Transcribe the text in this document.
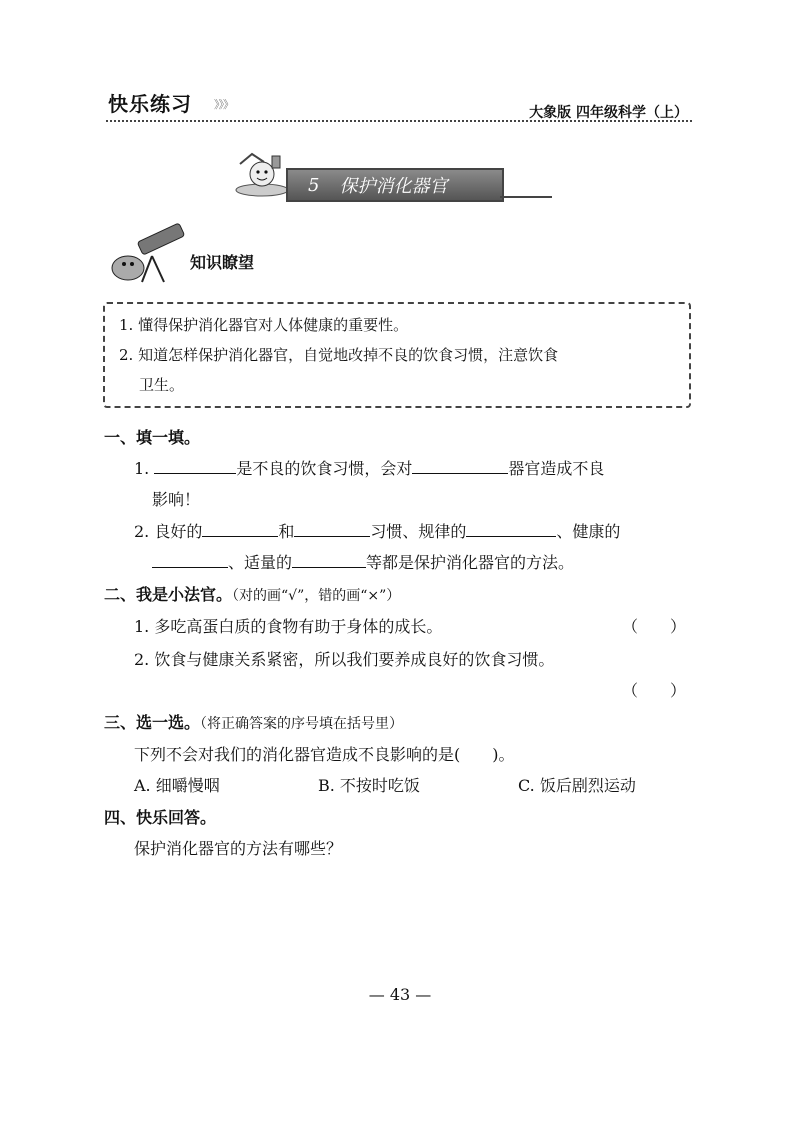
快乐练习 》》》
大象版 四年级科学（上）
5 保护消化器官
知识瞭望
1. 懂得保护消化器官对人体健康的重要性。
2. 知道怎样保护消化器官，自觉地改掉不良的饮食习惯，注意饮食
卫生。
一、填一填。
1.	是不良的饮食习惯，会对	器官造成不良
影响！
2. 良好的	和	习惯、规律的	、健康的
、适量的	等都是保护消化器官的方法。
二、我是小法官。（对的画“√”，错的画“×”）
1. 多吃高蛋白质的食物有助于身体的成长。	（　　）
2. 饮食与健康关系紧密，所以我们要养成良好的饮食习惯。
（　　）
三、选一选。（将正确答案的序号填在括号里）
下列不会对我们的消化器官造成不良影响的是(　　)。
A. 细嚼慢咽	B. 不按时吃饭	C. 饭后剧烈运动
四、快乐回答。
保护消化器官的方法有哪些？
— 43 —
